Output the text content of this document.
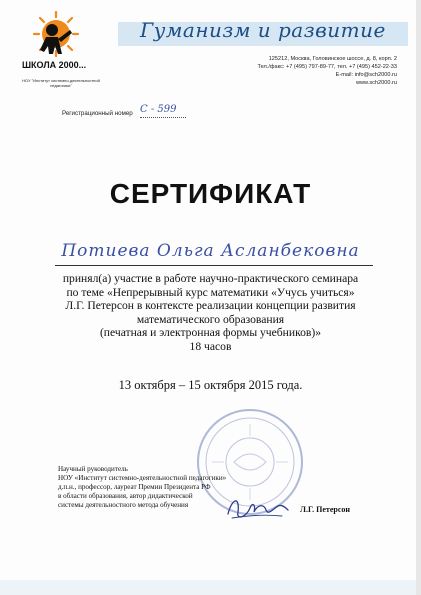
ШКОЛА 2000...
НОУ "Институт системно-деятельностной педагогики"
Гуманизм и развитие
125212, Москва, Головинское шоссе, д. 8, корп. 2
Тел./факс: +7 (495) 797-89-77, тел. +7 (495) 452-22-33
E-mail: info@sch2000.ru
www.sch2000.ru
Регистрационный номер С - 599
СЕРТИФИКАТ
Потиева Ольга Асланбековна
принял(а) участие в работе научно-практического семинара
по теме «Непрерывный курс математики «Учусь учиться»
Л.Г. Петерсон в контексте реализации концепции развития
математического образования
(печатная и электронная формы учебников)»
18 часов
13 октября – 15 октября 2015 года.
Научный руководитель
НОУ «Институт системно-деятельностной педагогики»
д.п.н., профессор, лауреат Премии Президента РФ
в области образования, автор дидактической
системы деятельностного метода обучения	Л.Г. Петерсон
